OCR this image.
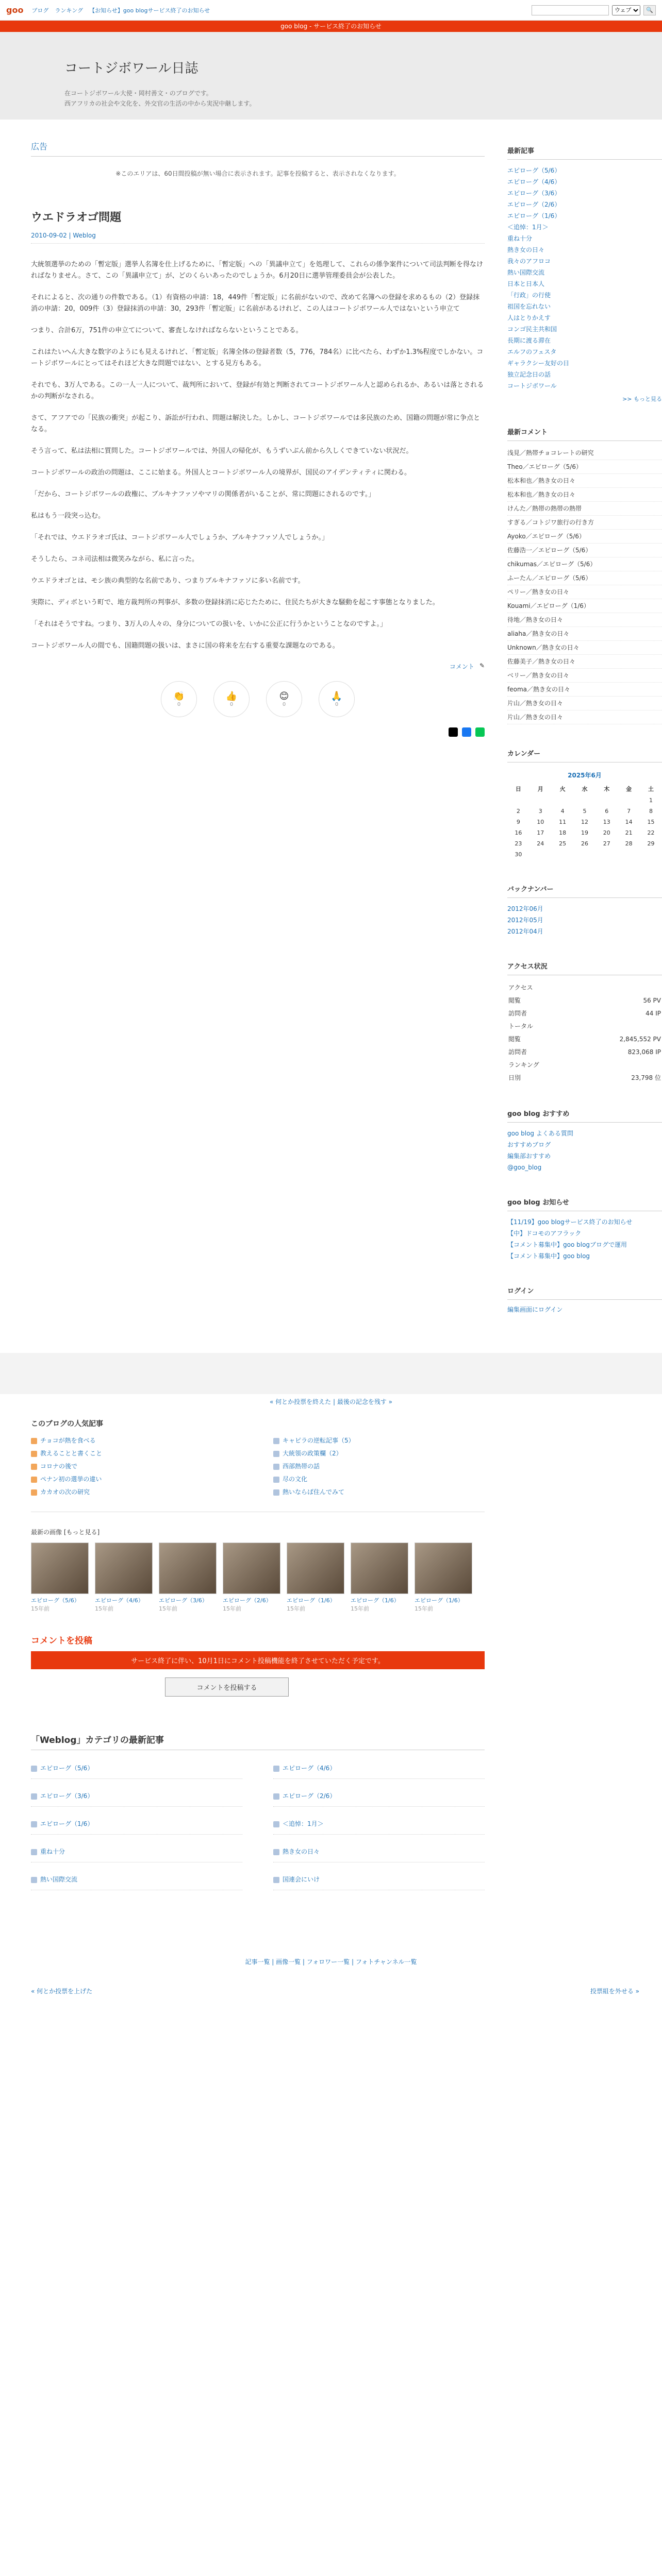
goo ブログ ランキング 【お知らせ】goo blogサービス終了のお知らせ
ウェブ	🔍
goo blog - サービス終了のお知らせ
コートジボワール日誌

在コートジボワール大使・岡村善文・のブログです。

西アフリカの社会や文化を、外交官の生活の中から実況中継します。

広告
※このエリアは、60日間投稿が無い場合に表示されます。記事を投稿すると、表示されなくなります。
ウエドラオゴ問題
2010-09-02 | Weblog

大統領選挙のための「暫定版」選挙人名簿を仕上げるために、「暫定版」への「異議申立て」を処理して、これらの係争案件について司法判断を得なければなりません。さて、この「異議申立て」が、どのくらいあったのでしょうか。6月20日に選挙管理委員会が公表した。

それによると、次の通りの件数である。（1）有資格の申請：18，449件「暫定版」に名前がないので、改めて名簿への登録を求めるもの（2）登録抹消の申請：20，009件（3）登録抹消の申請：30，293件「暫定版」に名前があるけれど、この人はコートジボワール人ではないという申立て

つまり、合計6万，751件の申立てについて、審査しなければならないということである。

これはたいへん大きな数字のようにも見えるけれど、「暫定版」名簿全体の登録者数（5，776，784名）に比べたら、わずか1.3%程度でしかない。コートジボワールにとってはそれほど大きな問題ではない、とする見方もある。

それでも、3万人である。この一人一人について、裁判所において、登録が有効と判断されてコートジボワール人と認められるか、あるいは落とされるかの判断がなされる。

さて、アフアでの「民族の衝突」が起こり、訴訟が行われ、問題は解決した。しかし、コートジボワールでは多民族のため、国籍の問題が常に争点となる。

そう言って、私は法相に質問した。コートジボワールでは、外国人の帰化が、もうずいぶん前から久しくできていない状況だ。

コートジボワールの政治の問題は、ここに始まる。外国人とコートジボワール人の境界が、国民のアイデンティティに関わる。

「だから、コートジボワールの政権に、ブルキナファソやマリの関係者がいることが、常に問題にされるのです。」

私はもう一段突っ込む。

「それでは、ウエドラオゴ氏は、コートジボワール人でしょうか、ブルキナファソ人でしょうか。」

そうしたら、コネ司法相は微笑みながら、私に言った。

ウエドラオゴとは、モシ族の典型的な名前であり、つまりブルキナファソに多い名前です。

実際に、ディボという町で、地方裁判所の判事が、多数の登録抹消に応じたために、住民たちが大きな騒動を起こす事態となりました。

「それはそうですね。つまり、3万人の人々の、身分についての扱いを、いかに公正に行うかということなのですよ。」

コートジボワール人の間でも、国籍問題の扱いは、まさに国の将来を左右する重要な課題なのである。

コメント ✎
👏
0
👍
0
😊
0
🙏
0
最新記事
エピローグ（5/6）
エピローグ（4/6）
エピローグ（3/6）
エピローグ（2/6）
エピローグ（1/6）
＜追悼：1月＞
重ね十分
熱き女の日々
我々のアフロコ
熱い国際交流
日本と日本人
「行政」の行使
祖国を忘れない
人はとりかえす
コンゴ民主共和国
長期に渡る滞在
エルフのフェスタ
ギャラクシー友好の日
独立記念日の話
コートジボワール
>> もっと見る
最新コメント
浅見／熱帯チョコレートの研究
Theo／エピローグ（5/6）
松本和也／熱き女の日々
松本和也／熱き女の日々
けんた／熱帯の熱帯の熱帯
すぎる／コトジワ旅行の行き方
Ayoko／エピローグ（5/6）
佐藤浩一／エピローグ（5/6）
chikumas／エピローグ（5/6）
ふーたん／エピローグ（5/6）
ペリー／熱き女の日々
Kouami／エピローグ（1/6）
待地／熱き女の日々
aliaha／熱き女の日々
Unknown／熱き女の日々
佐藤美子／熱き女の日々
ベリー／熱き女の日々
feoma／熱き女の日々
片山／熱き女の日々
片山／熱き女の日々
カレンダー
2025年6月
日	月	火	水	木	金	土
						1
2	3	4	5	6	7	8
9	10	11	12	13	14	15
16	17	18	19	20	21	22
23	24	25	26	27	28	29
30						
バックナンバー
2012年06月
2012年05月
2012年04月
アクセス状況
アクセス	
閲覧	56 PV
訪問者	44 IP
トータル	
閲覧	2,845,552 PV
訪問者	823,068 IP
ランキング	
日別	23,798 位
goo blog おすすめ
goo blog よくある質問
おすすめブログ
編集部おすすめ
@goo_blog
goo blog お知らせ
【11/19】goo blogサービス終了のお知らせ
【中】ドコモのアフラック
【コメント募集中】goo blogブログで運用
【コメント募集中】goo blog
ログイン
編集画面にログイン
« 何とか投票を終えた | 最後の記念を残す »
このブログの人気記事
チョコが熱を食べる	キャピラの逆転記事（5）
教えることと書くこと	大統領の政策欄（2）
コロナの後で	西部熱帯の話
ペナン初の選挙の違い	尽の文化
カカオの次の研究	熱いならば住んでみて
最新の画像 [もっと見る]
エピローグ（5/6）
15年前
エピローグ（4/6）
15年前
エピローグ（3/6）
15年前
エピローグ（2/6）
15年前
エピローグ（1/6）
15年前
エピローグ（1/6）
15年前
エピローグ（1/6）
15年前
コメントを投稿
サービス終了に伴い、10月1日にコメント投稿機能を終了させていただく予定です。
コメントを投稿する
「Weblog」カテゴリの最新記事
エピローグ（5/6）	エピローグ（4/6）
エピローグ（3/6）	エピローグ（2/6）
エピローグ（1/6）	＜追悼：1月＞
重ね十分	熱き女の日々
熱い国際交流	国連会にいけ
記事一覧 | 画像一覧 | フォロワー一覧 | フォトチャンネル一覧
« 何とか投票を上げた	投票組を外せる »
